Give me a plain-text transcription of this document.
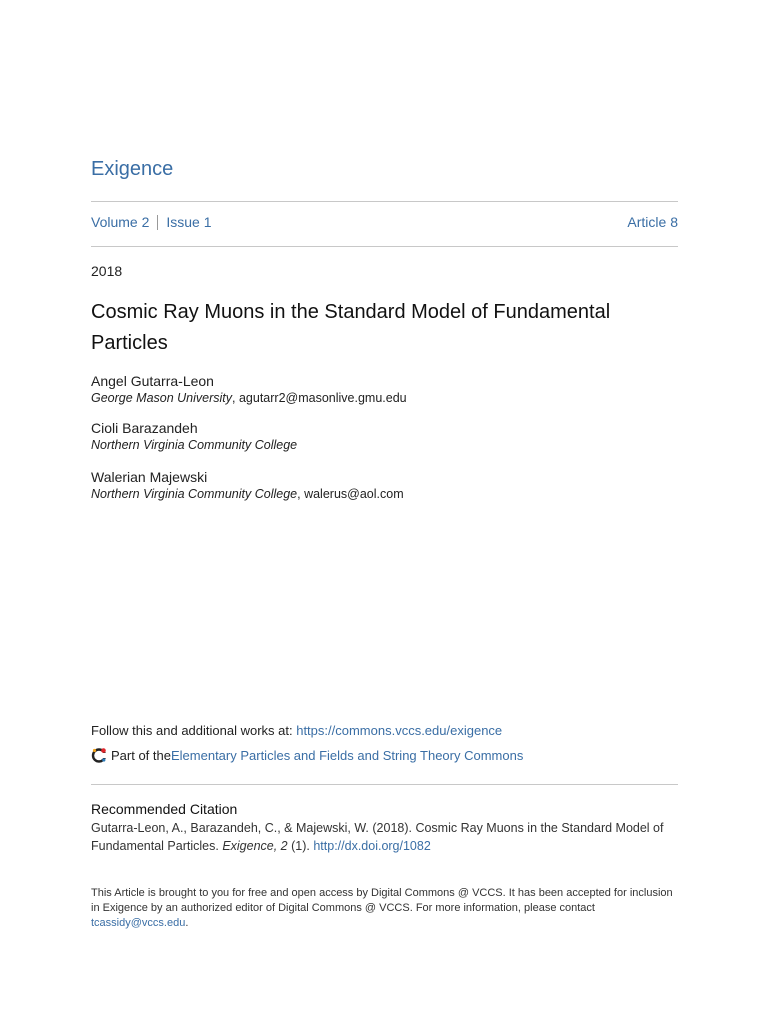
Exigence
Volume 2 Issue 1	Article 8
2018
Cosmic Ray Muons in the Standard Model of Fundamental Particles
Angel Gutarra-Leon
George Mason University, agutarr2@masonlive.gmu.edu
Cioli Barazandeh
Northern Virginia Community College
Walerian Majewski
Northern Virginia Community College, walerus@aol.com
Follow this and additional works at: https://commons.vccs.edu/exigence
Part of the Elementary Particles and Fields and String Theory Commons
Recommended Citation
Gutarra-Leon, A., Barazandeh, C., & Majewski, W. (2018). Cosmic Ray Muons in the Standard Model of Fundamental Particles. Exigence, 2 (1). http://dx.doi.org/1082
This Article is brought to you for free and open access by Digital Commons @ VCCS. It has been accepted for inclusion in Exigence by an authorized editor of Digital Commons @ VCCS. For more information, please contact tcassidy@vccs.edu.
